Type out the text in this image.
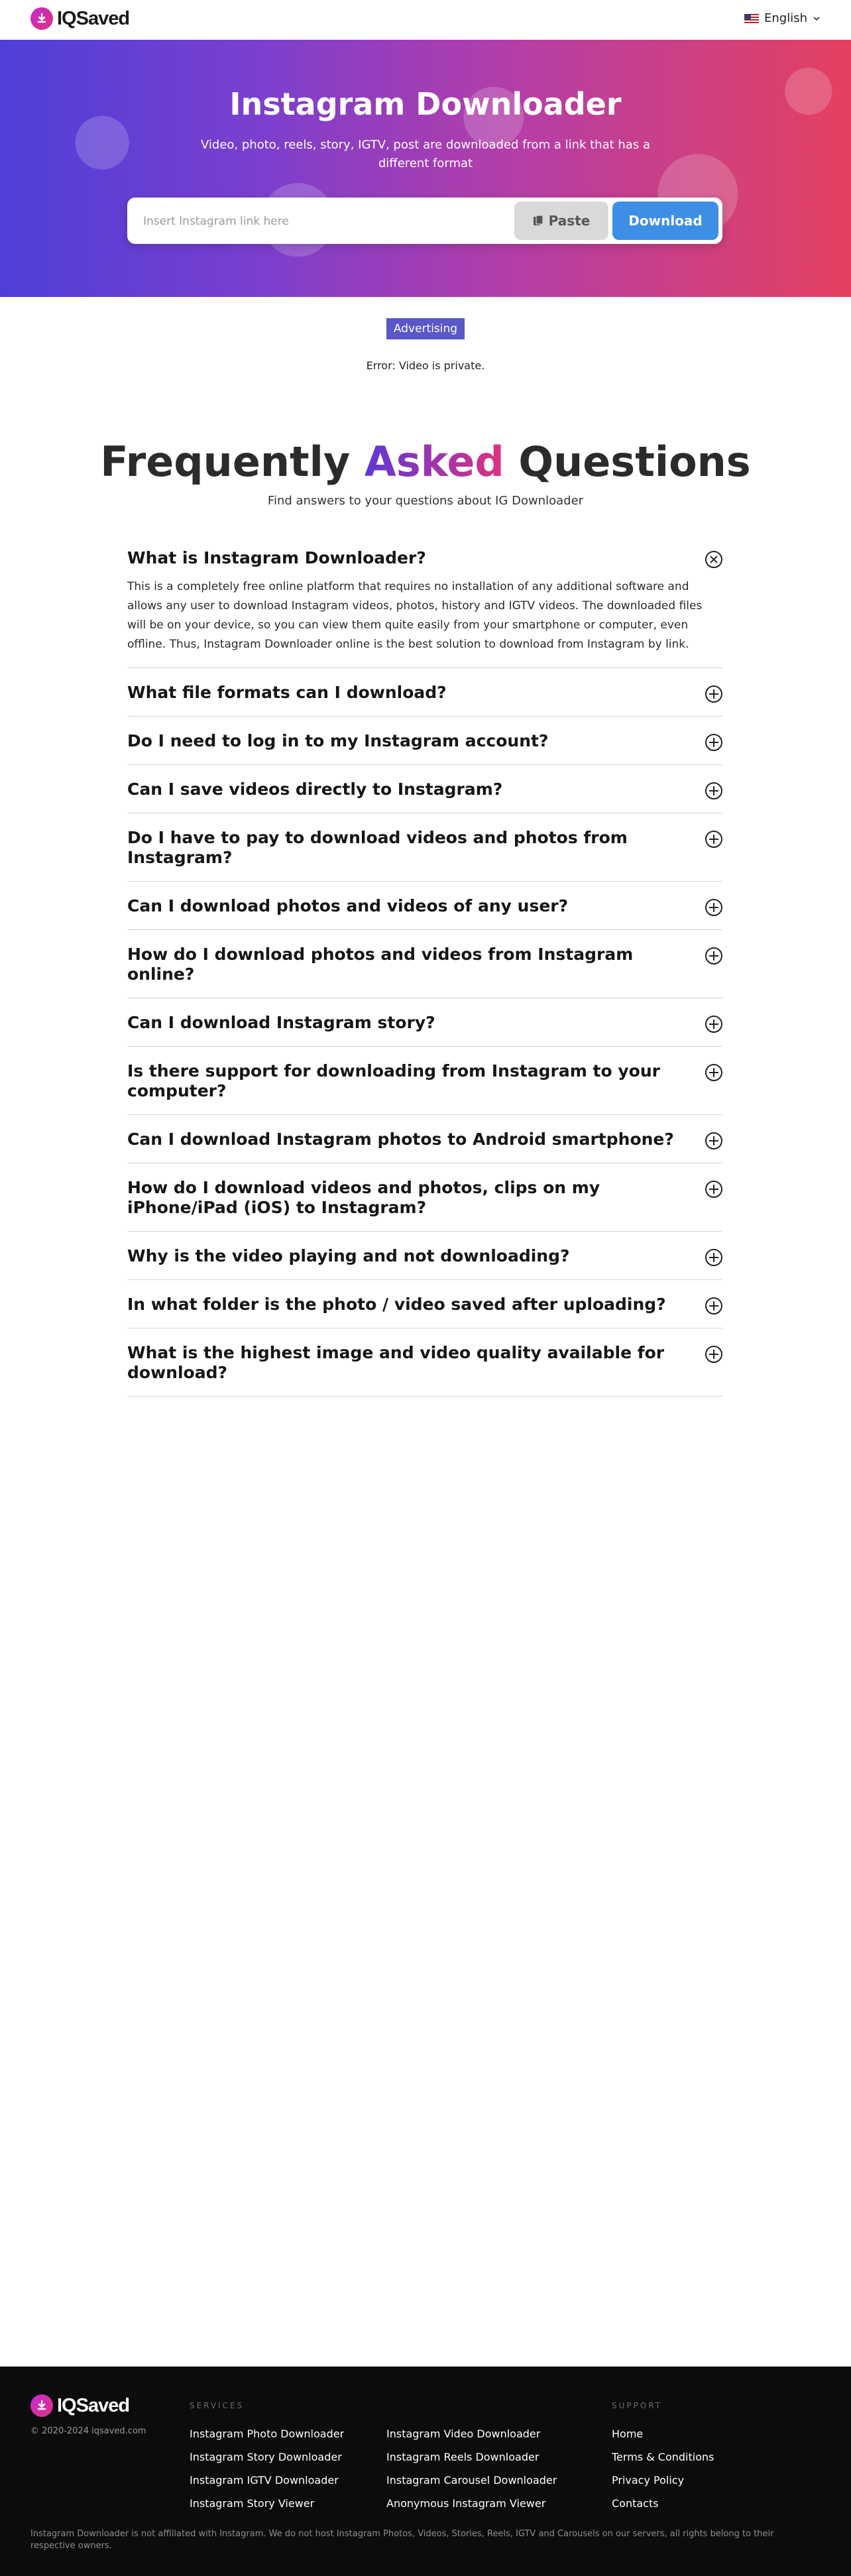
IQSaved	English
Instagram Downloader
Video, photo, reels, story, IGTV, post are downloaded from a link that has a different format
Insert Instagram link here
Paste	Download
Advertising
Error: Video is private.
Frequently Asked Questions
Find answers to your questions about IG Downloader
What is Instagram Downloader?
This is a completely free online platform that requires no installation of any additional software and allows any user to download Instagram videos, photos, history and IGTV videos. The downloaded files will be on your device, so you can view them quite easily from your smartphone or computer, even offline. Thus, Instagram Downloader online is the best solution to download from Instagram by link.
What file formats can I download?
Do I need to log in to my Instagram account?
Can I save videos directly to Instagram?
Do I have to pay to download videos and photos from Instagram?
Can I download photos and videos of any user?
How do I download photos and videos from Instagram online?
Can I download Instagram story?
Is there support for downloading from Instagram to your computer?
Can I download Instagram photos to Android smartphone?
How do I download videos and photos, clips on my iPhone/iPad (iOS) to Instagram?
Why is the video playing and not downloading?
In what folder is the photo / video saved after uploading?
What is the highest image and video quality available for download?
IQSaved
© 2020-2024 iqsaved.com
SERVICES
Instagram Photo Downloader
Instagram Story Downloader
Instagram IGTV Downloader
Instagram Story Viewer
Instagram Video Downloader
Instagram Reels Downloader
Instagram Carousel Downloader
Anonymous Instagram Viewer
SUPPORT
Home
Terms & Conditions
Privacy Policy
Contacts
Instagram Downloader is not affiliated with Instagram. We do not host Instagram Photos, Videos, Stories, Reels, IGTV and Carousels on our servers, all rights belong to their respective owners.
